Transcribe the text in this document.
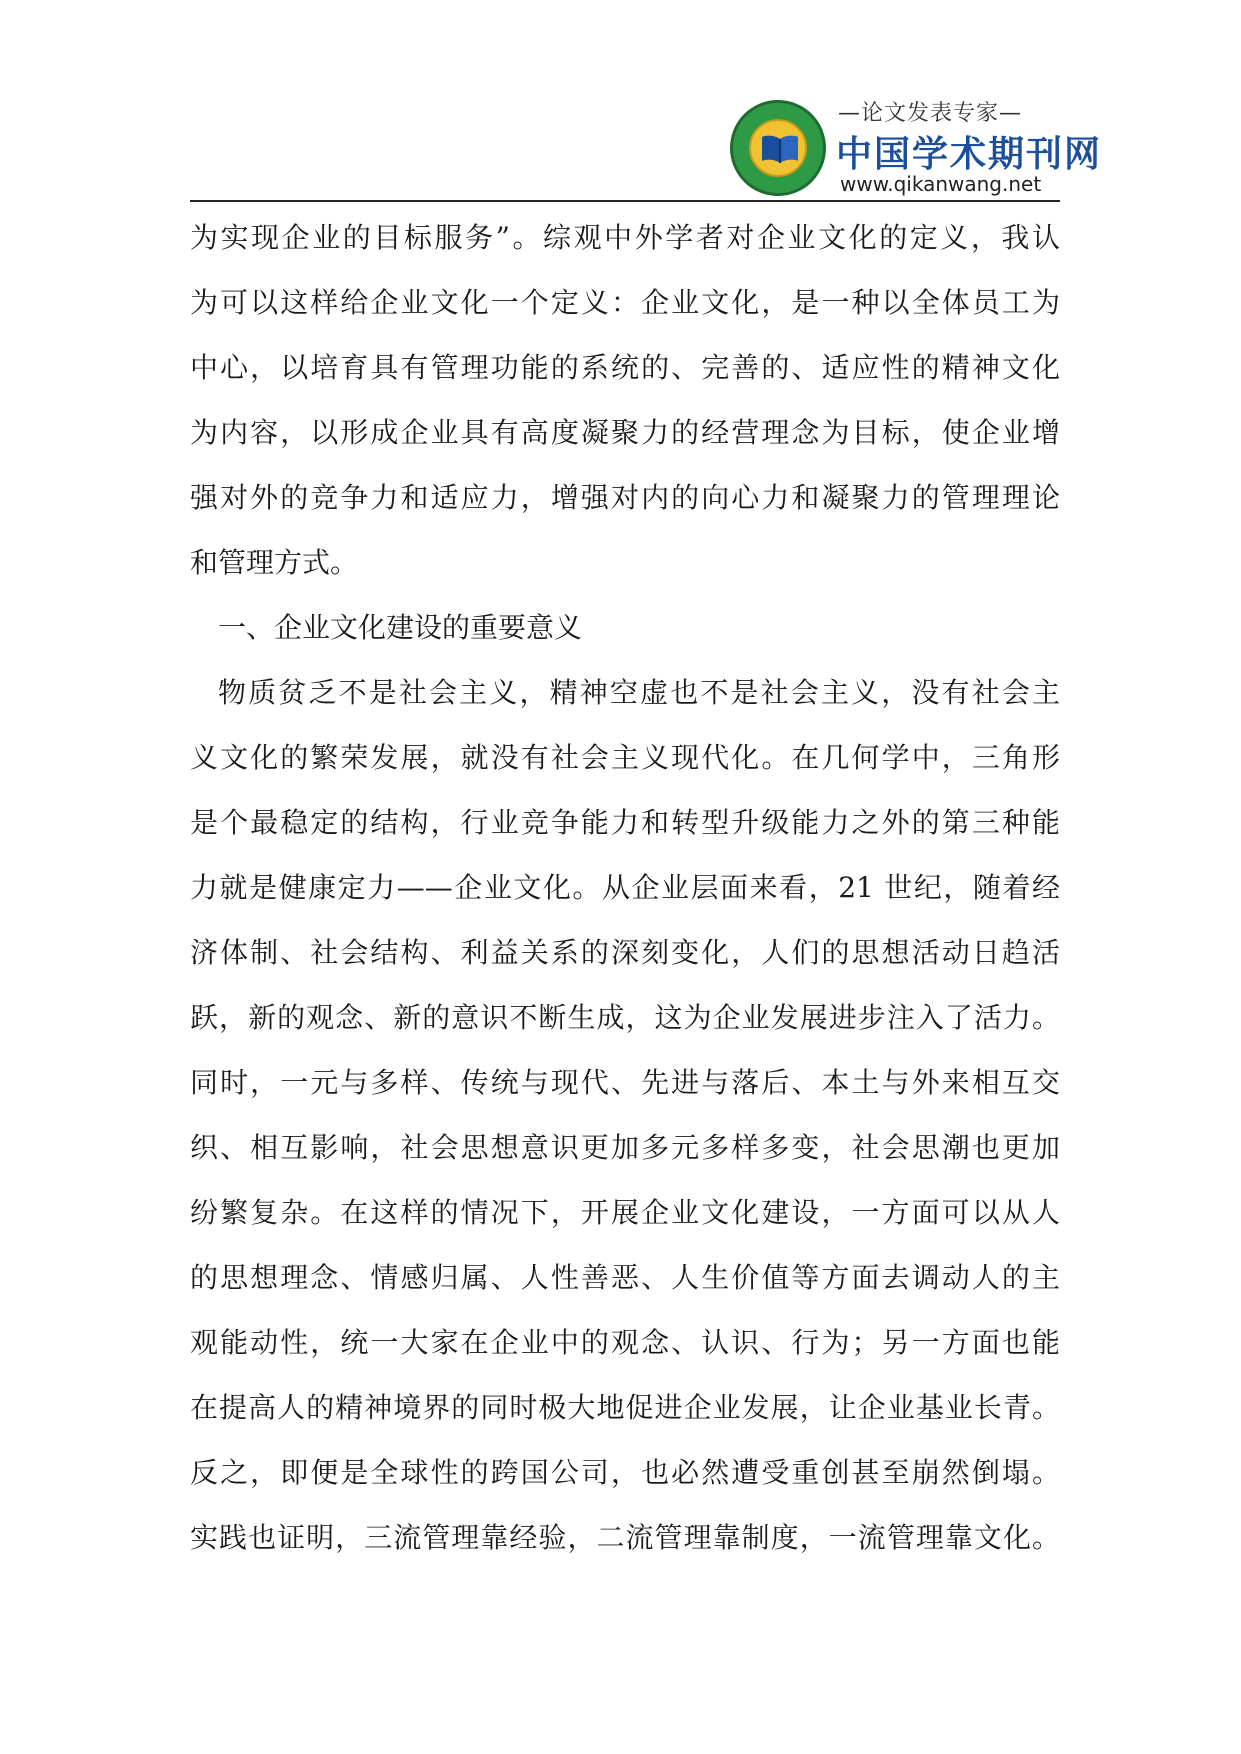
—论文发表专家—
中国学术期刊网
www.qikanwang.net
为实现企业的目标服务”。综观中外学者对企业文化的定义，我认
为可以这样给企业文化一个定义：企业文化，是一种以全体员工为
中心，以培育具有管理功能的系统的、完善的、适应性的精神文化
为内容，以形成企业具有高度凝聚力的经营理念为目标，使企业增
强对外的竞争力和适应力，增强对内的向心力和凝聚力的管理理论
和管理方式。
一、企业文化建设的重要意义
物质贫乏不是社会主义，精神空虚也不是社会主义，没有社会主
义文化的繁荣发展，就没有社会主义现代化。在几何学中，三角形
是个最稳定的结构，行业竞争能力和转型升级能力之外的第三种能
力就是健康定力——企业文化。从企业层面来看，21 世纪，随着经
济体制、社会结构、利益关系的深刻变化，人们的思想活动日趋活
跃，新的观念、新的意识不断生成，这为企业发展进步注入了活力。
同时，一元与多样、传统与现代、先进与落后、本土与外来相互交
织、相互影响，社会思想意识更加多元多样多变，社会思潮也更加
纷繁复杂。在这样的情况下，开展企业文化建设，一方面可以从人
的思想理念、情感归属、人性善恶、人生价值等方面去调动人的主
观能动性，统一大家在企业中的观念、认识、行为；另一方面也能
在提高人的精神境界的同时极大地促进企业发展，让企业基业长青。
反之，即便是全球性的跨国公司，也必然遭受重创甚至崩然倒塌。
实践也证明，三流管理靠经验，二流管理靠制度，一流管理靠文化。
